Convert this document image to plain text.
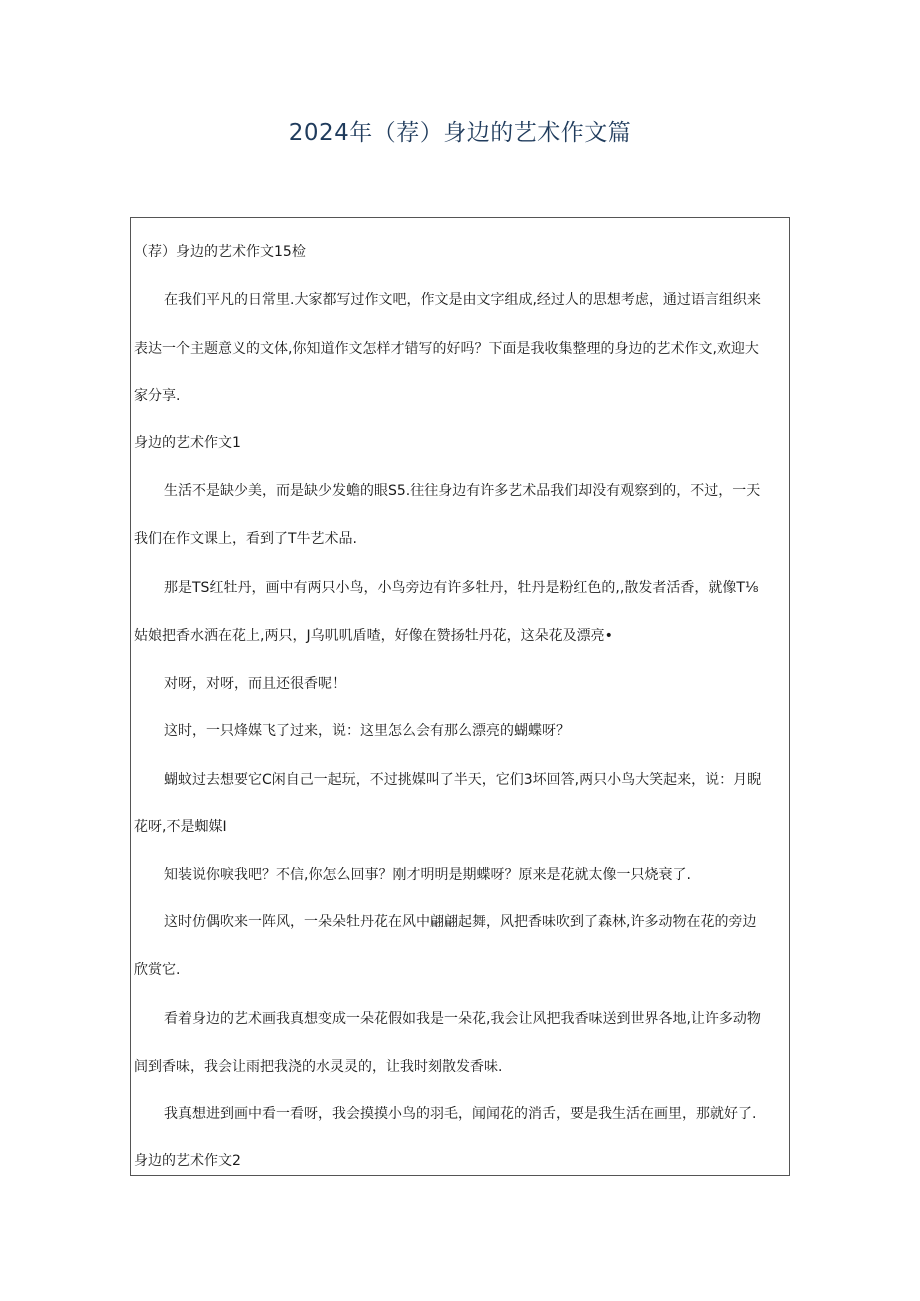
2024年（荐）身边的艺术作文篇
（荐）身边的艺术作文15检
在我们平凡的日常里.大家都写过作文吧，作文是由文字组成,经过人的思想考虑，通过语言组织来
表达一个主题意义的文体,你知道作文怎样才错写的好吗？下面是我收集整理的身边的艺术作文,欢迎大
家分享.
身边的艺术作文1
生活不是缺少美，而是缺少发蟾的眼S5.往往身边有许多艺术品我们却没有观察到的，不过，一天
我们在作文课上，看到了T牛艺术品.
那是TS红牡丹，画中有两只小鸟，小鸟旁边有许多牡丹，牡丹是粉红色的,,散发者活香，就像T⅛
姑娘把香水洒在花上,两只，J乌叽叽盾喳，好像在赞扬牡丹花，这朵花及漂亮•
对呀，对呀，而且还很香呢！
这时，一只烽媒飞了过来，说：这里怎么会有那么漂亮的蝴蝶呀？
蝴蚊过去想要它C闲自己一起玩，不过挑媒叫了半天，它们3坏回答,两只小鸟大笑起来，说：月睨
花呀,不是蜘媒I
知装说你唳我吧？不信,你怎么回事？刚才明明是期蝶呀？原来是花就太像一只烧衰了.
这时仿偶吹来一阵风，一朵朵牡丹花在风中翩翩起舞，风把香味吹到了森林,许多动物在花的旁边
欣赏它.
看着身边的艺术画我真想变成一朵花假如我是一朵花,我会让风把我香味送到世界各地,让许多动物
闾到香味，我会让雨把我浇的水灵灵的，让我时刻散发香味.
我真想进到画中看一看呀，我会摸摸小鸟的羽毛，闻闻花的消舌，要是我生活在画里，那就好了.
身边的艺术作文2
